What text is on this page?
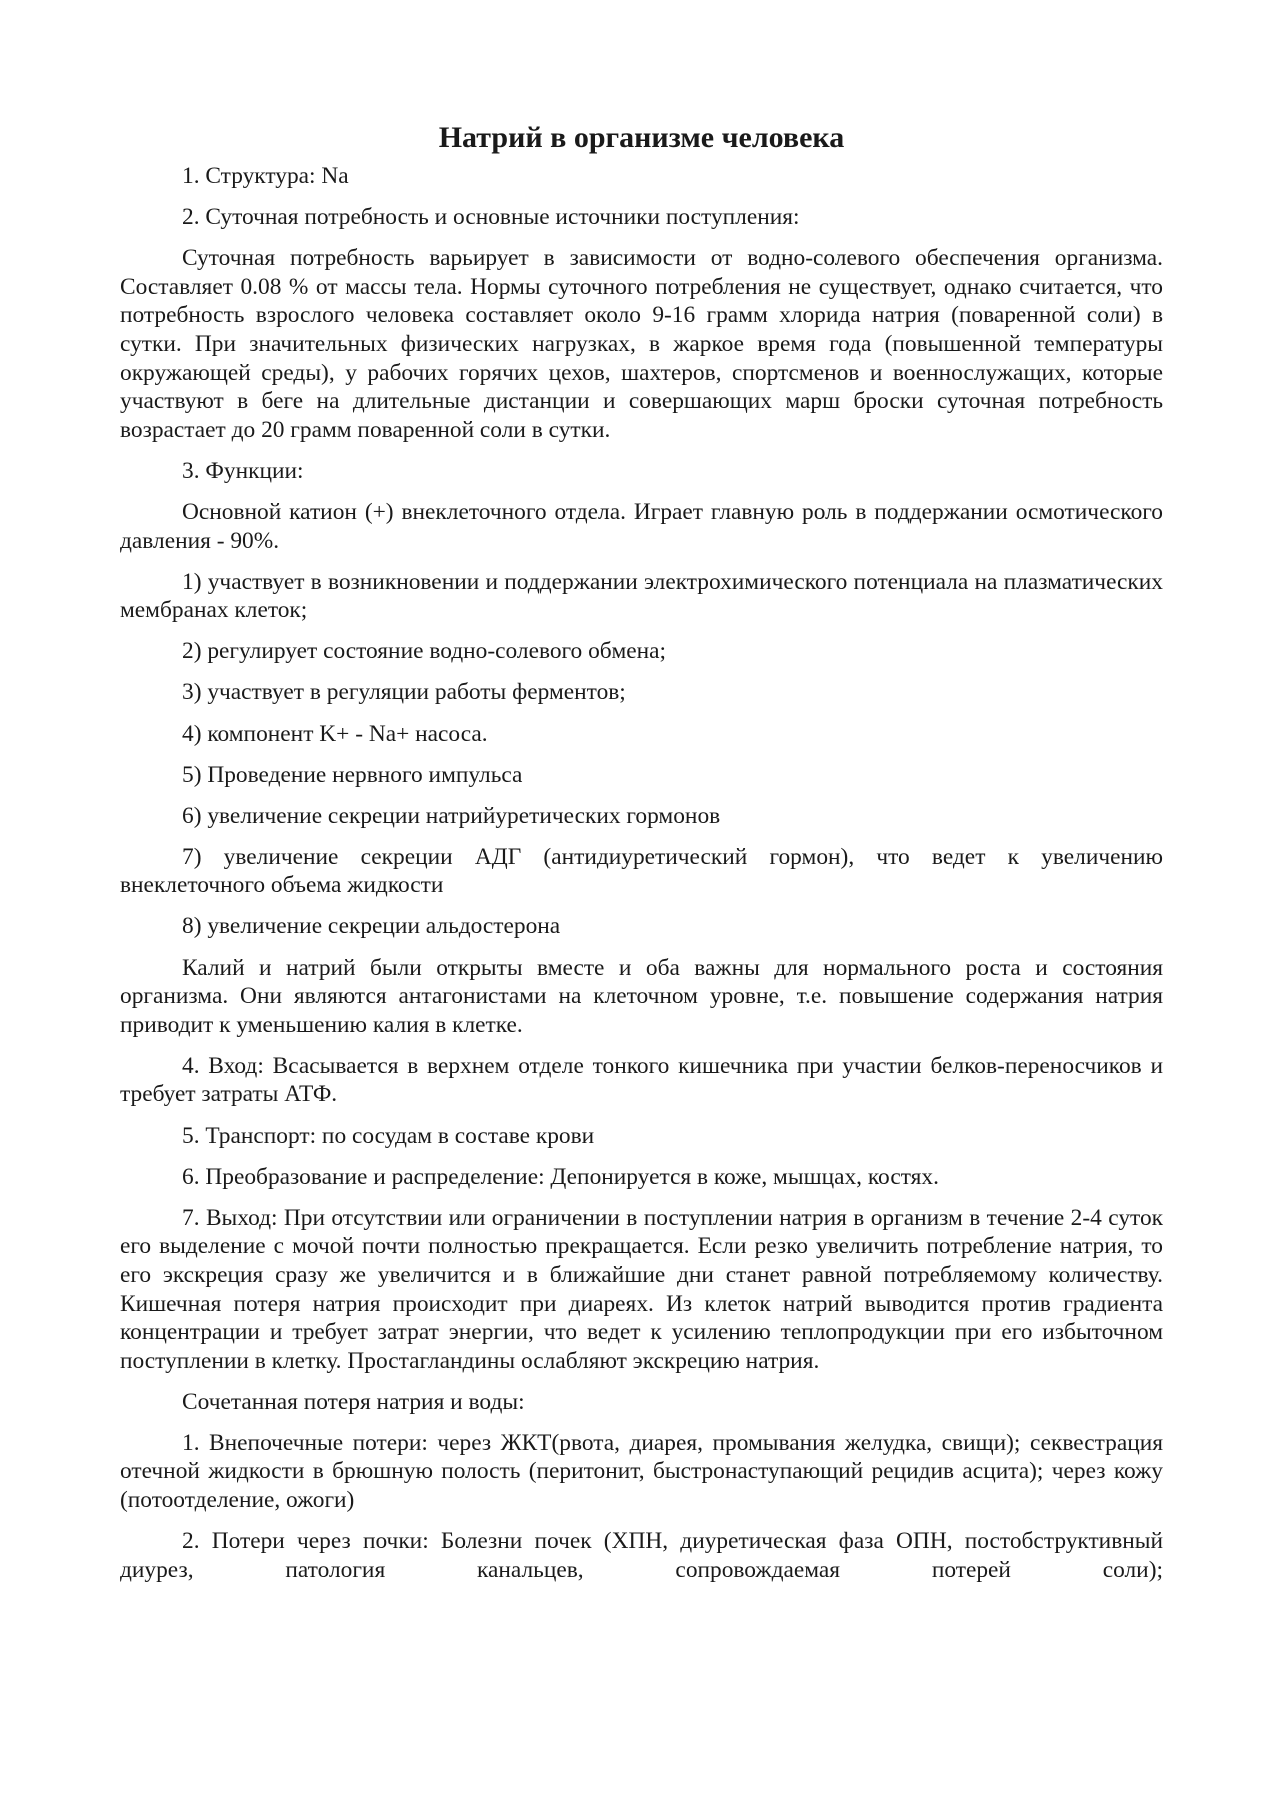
Натрий в организме человека

1. Структура: Na

2. Суточная потребность и основные источники поступления:

Суточная потребность варьирует в зависимости от водно-солевого обеспечения организма. Составляет 0.08 % от массы тела. Нормы суточного потребления не существует, однако считается, что потребность взрослого человека составляет около 9-16 грамм хлорида натрия (поваренной соли) в сутки. При значительных физических нагрузках, в жаркое время года (повышенной температуры окружающей среды), у рабочих горячих цехов, шахтеров, спортсменов и военнослужащих, которые участвуют в беге на длительные дистанции и совершающих марш броски суточная потребность возрастает до 20 грамм поваренной соли в сутки.

3. Функции:

Основной катион (+) внеклеточного отдела. Играет главную роль в поддержании осмотического давления - 90%.

1) участвует в возникновении и поддержании электрохимического потенциала на плазматических мембранах клеток;

2) регулирует состояние водно-солевого обмена;

3) участвует в регуляции работы ферментов;

4) компонент K+ - Na+ насоса.

5) Проведение нервного импульса

6) увеличение секреции натрийуретических гормонов

7) увеличение секреции АДГ (антидиуретический гормон), что ведет к увеличению внеклеточного объема жидкости

8) увеличение секреции альдостерона

Калий и натрий были открыты вместе и оба важны для нормального роста и состояния организма. Они являются антагонистами на клеточном уровне, т.е. повышение содержания натрия приводит к уменьшению калия в клетке.

4. Вход: Всасывается в верхнем отделе тонкого кишечника при участии белков-переносчиков и требует затраты АТФ.

5. Транспорт: по сосудам в составе крови

6. Преобразование и распределение: Депонируется в коже, мышцах, костях.

7. Выход: При отсутствии или ограничении в поступлении натрия в организм в течение 2-4 суток его выделение с мочой почти полностью прекращается. Если резко увеличить потребление натрия, то его экскреция сразу же увеличится и в ближайшие дни станет равной потребляемому количеству. Кишечная потеря натрия происходит при диареях. Из клеток натрий выводится против градиента концентрации и требует затрат энергии, что ведет к усилению теплопродукции при его избыточном поступлении в клетку. Простагландины ослабляют экскрецию натрия.

Сочетанная потеря натрия и воды:

1. Внепочечные потери: через ЖКТ(рвота, диарея, промывания желудка, свищи); секвестрация отечной жидкости в брюшную полость (перитонит, быстронаступающий рецидив асцита); через кожу (потоотделение, ожоги)

2. Потери через почки: Болезни почек (ХПН, диуретическая фаза ОПН, постобструктивный диурез, патология канальцев, сопровождаемая потерей соли);
